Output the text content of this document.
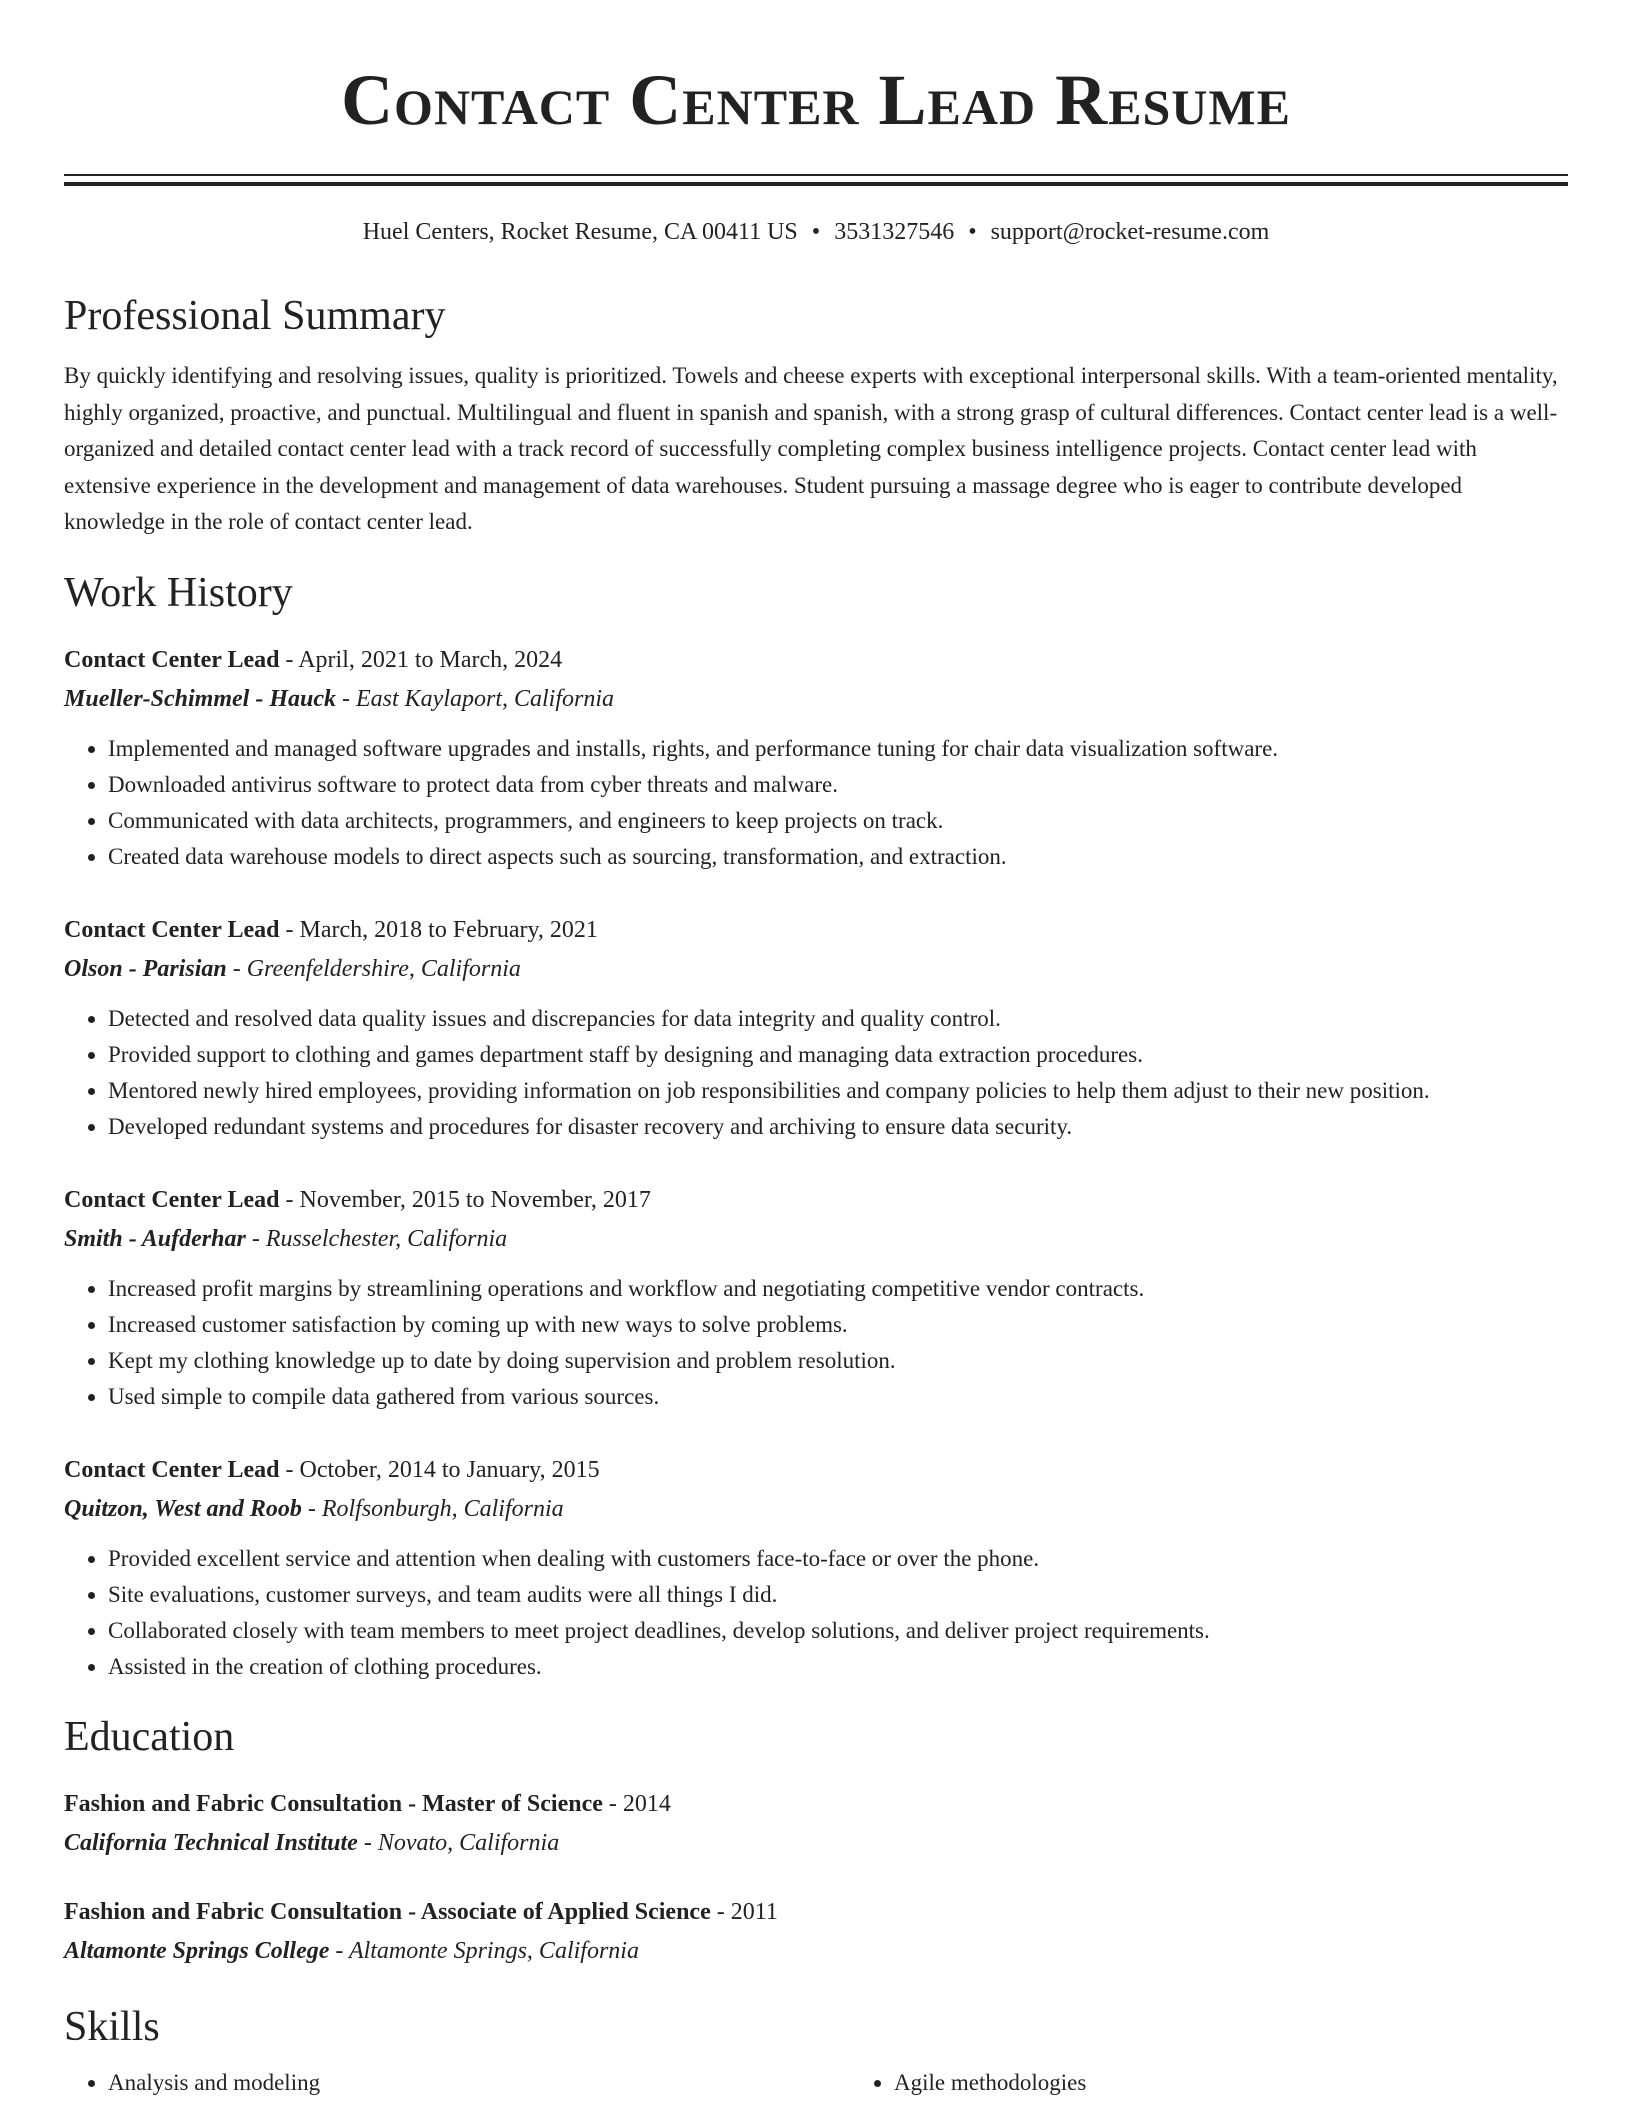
Contact Center Lead Resume
Huel Centers, Rocket Resume, CA 00411 US • 3531327546 • support@rocket-resume.com
Professional Summary

By quickly identifying and resolving issues, quality is prioritized. Towels and cheese experts with exceptional interpersonal skills. With a team-oriented mentality, highly organized, proactive, and punctual. Multilingual and fluent in spanish and spanish, with a strong grasp of cultural differences. Contact center lead is a well-organized and detailed contact center lead with a track record of successfully completing complex business intelligence projects. Contact center lead with extensive experience in the development and management of data warehouses. Student pursuing a massage degree who is eager to contribute developed knowledge in the role of contact center lead.

Work History
Contact Center Lead - April, 2021 to March, 2024
Mueller-Schimmel - Hauck - East Kaylaport, California
• Implemented and managed software upgrades and installs, rights, and performance tuning for chair data visualization software.
• Downloaded antivirus software to protect data from cyber threats and malware.
• Communicated with data architects, programmers, and engineers to keep projects on track.
• Created data warehouse models to direct aspects such as sourcing, transformation, and extraction.
Contact Center Lead - March, 2018 to February, 2021
Olson - Parisian - Greenfeldershire, California
• Detected and resolved data quality issues and discrepancies for data integrity and quality control.
• Provided support to clothing and games department staff by designing and managing data extraction procedures.
• Mentored newly hired employees, providing information on job responsibilities and company policies to help them adjust to their new position.
• Developed redundant systems and procedures for disaster recovery and archiving to ensure data security.
Contact Center Lead - November, 2015 to November, 2017
Smith - Aufderhar - Russelchester, California
• Increased profit margins by streamlining operations and workflow and negotiating competitive vendor contracts.
• Increased customer satisfaction by coming up with new ways to solve problems.
• Kept my clothing knowledge up to date by doing supervision and problem resolution.
• Used simple to compile data gathered from various sources.
Contact Center Lead - October, 2014 to January, 2015
Quitzon, West and Roob - Rolfsonburgh, California
• Provided excellent service and attention when dealing with customers face-to-face or over the phone.
• Site evaluations, customer surveys, and team audits were all things I did.
• Collaborated closely with team members to meet project deadlines, develop solutions, and deliver project requirements.
• Assisted in the creation of clothing procedures.
Education
Fashion and Fabric Consultation - Master of Science - 2014
California Technical Institute - Novato, California
Fashion and Fabric Consultation - Associate of Applied Science - 2011
Altamonte Springs College - Altamonte Springs, California
Skills
• Analysis and modeling
•	Agile methodologies
